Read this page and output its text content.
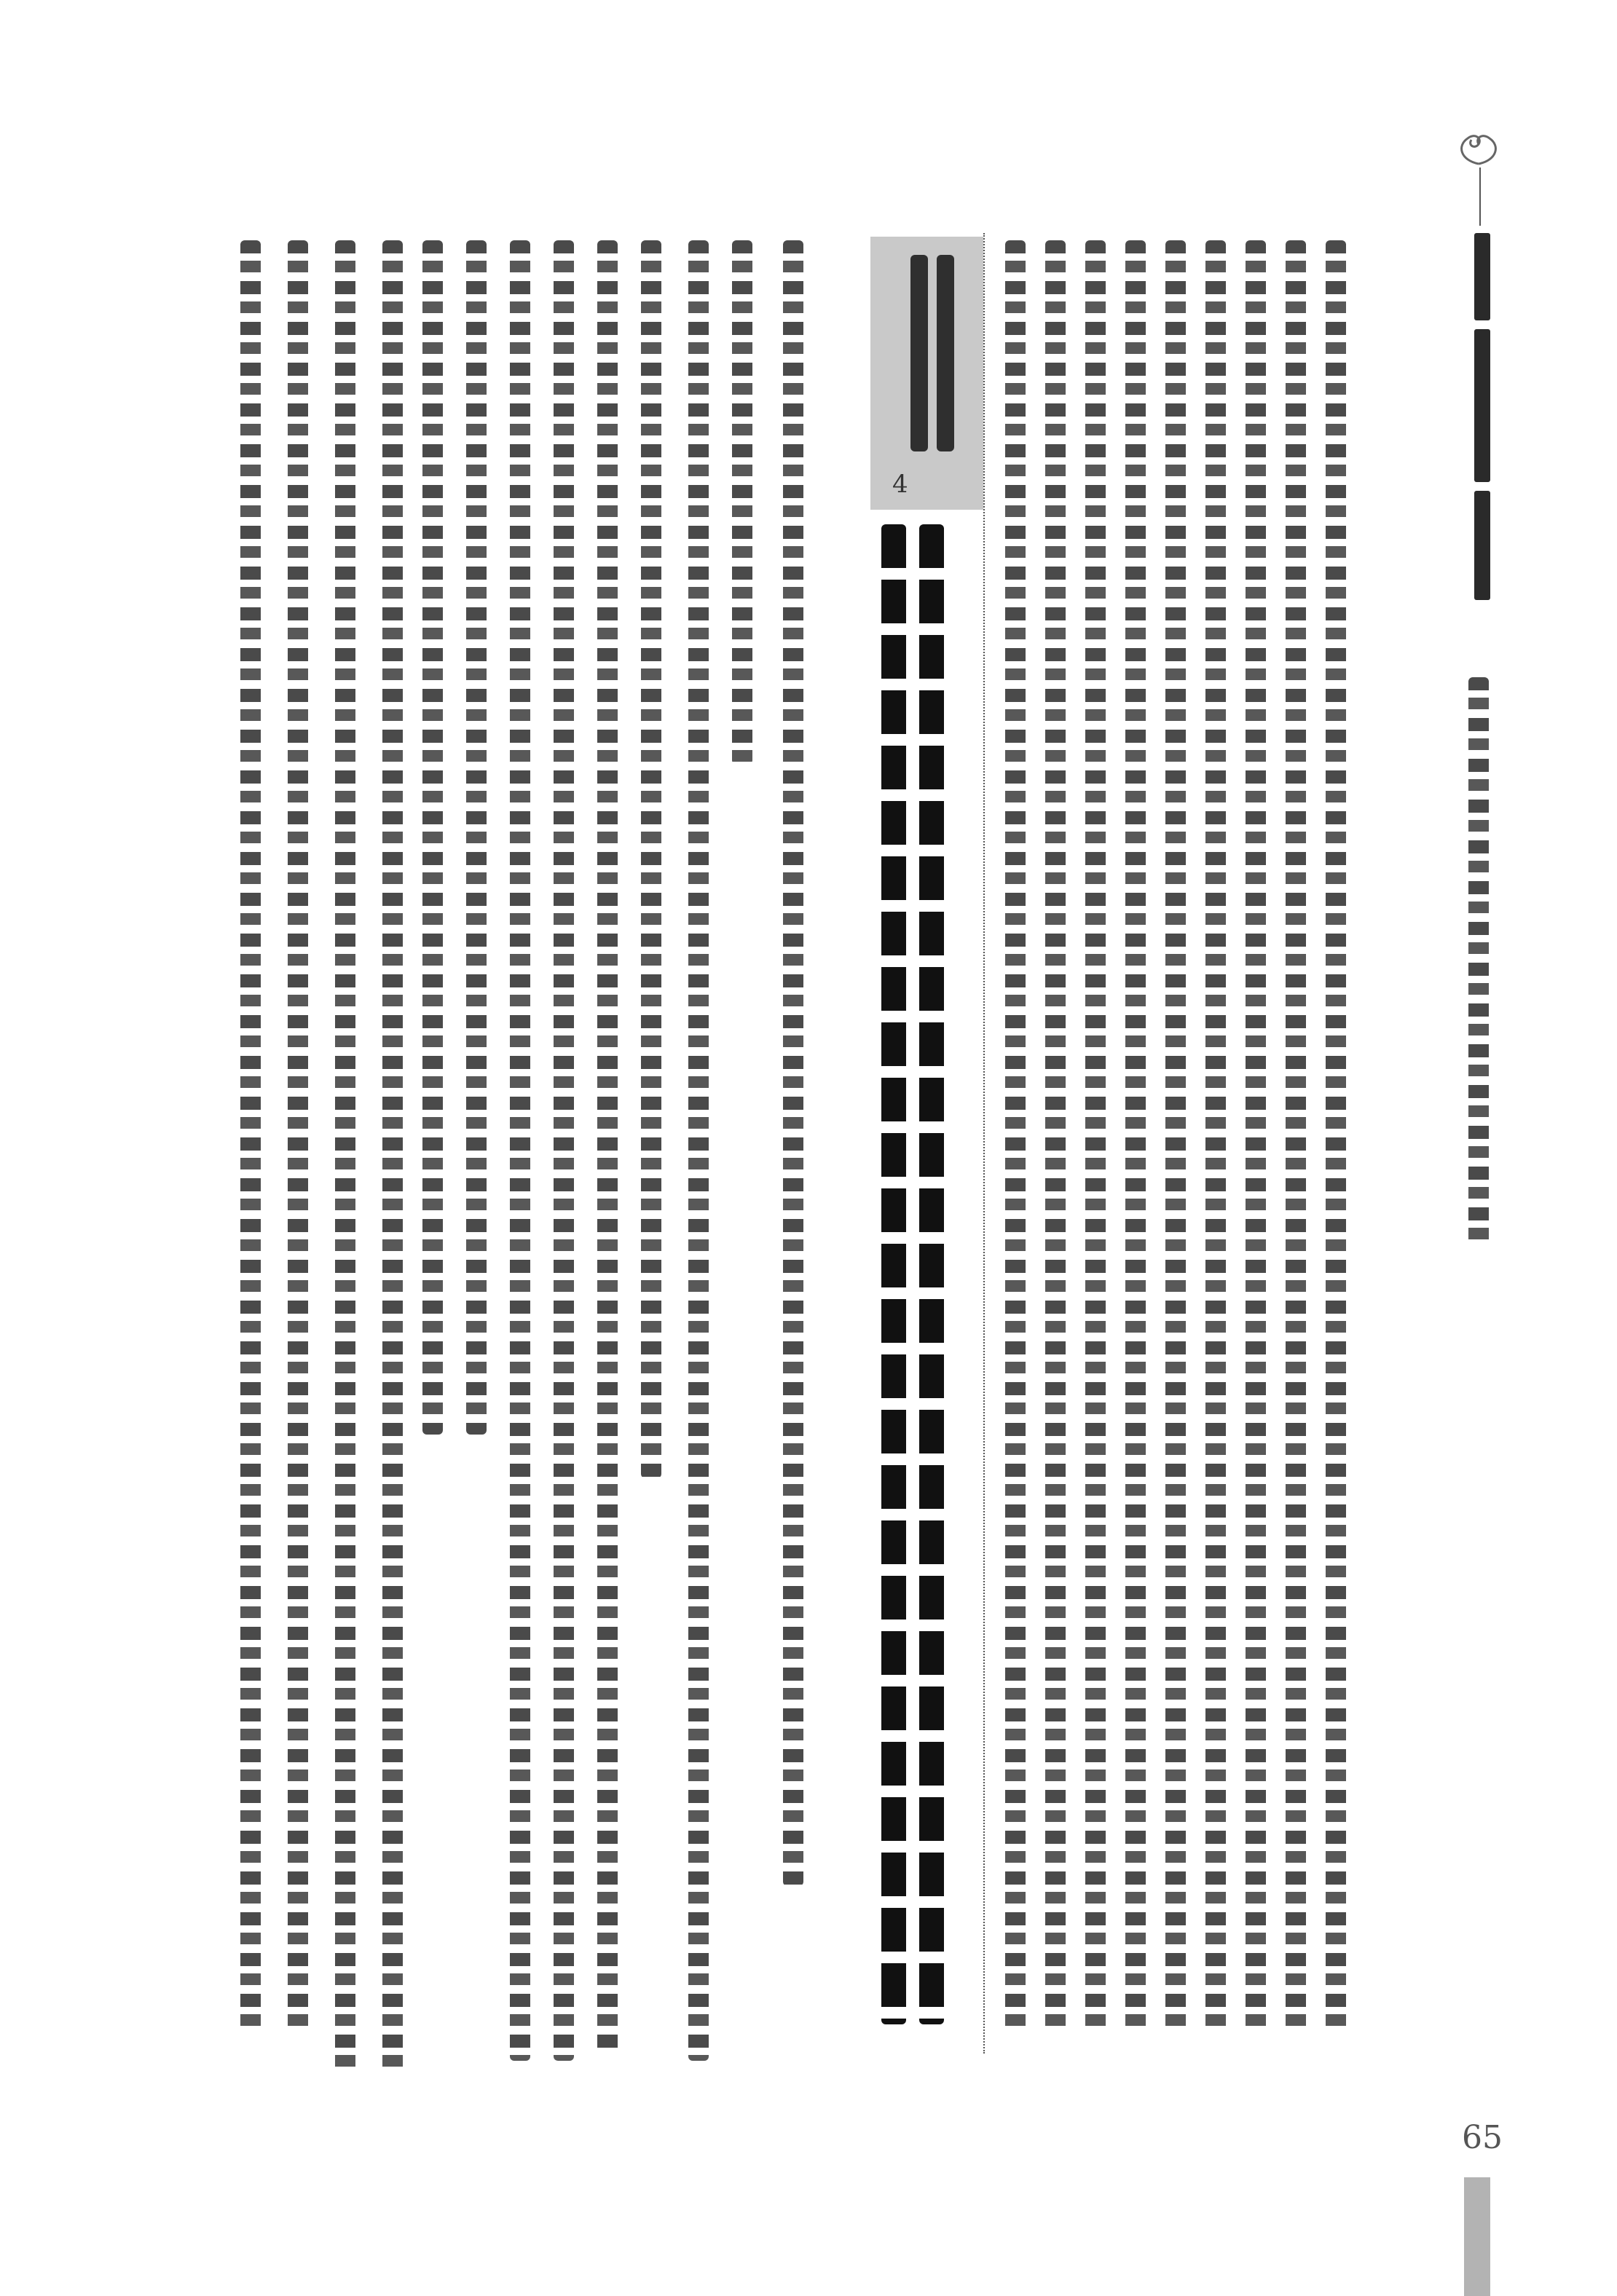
4
65
